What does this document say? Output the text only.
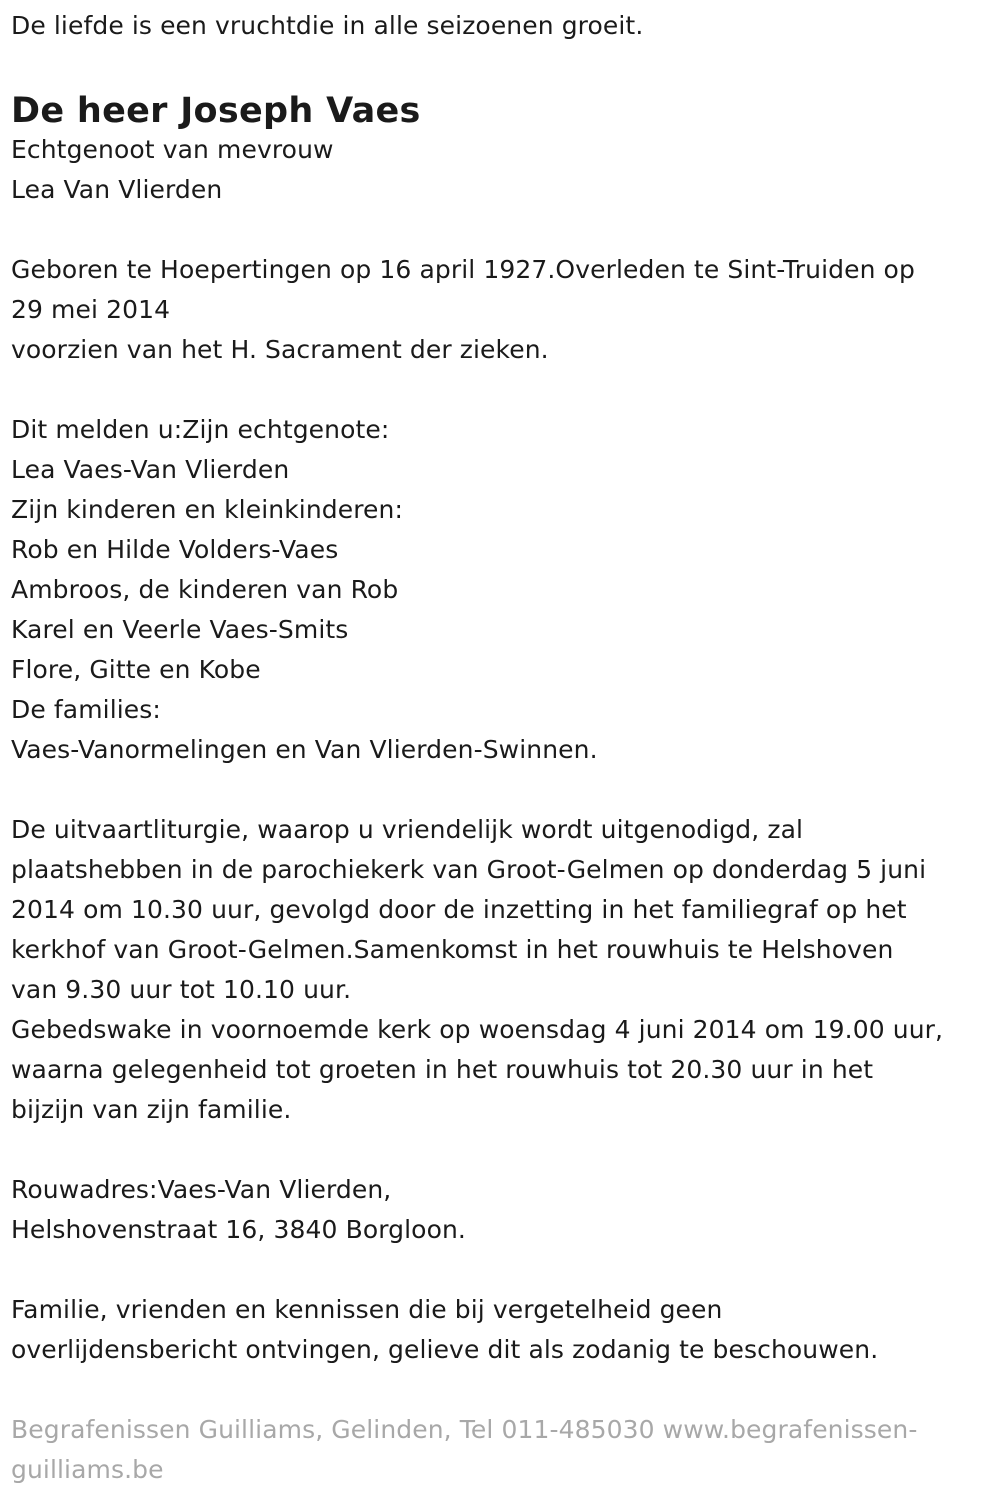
De liefde is een vruchtdie in alle seizoenen groeit.
De heer Joseph Vaes
Echtgenoot van mevrouw
Lea Van Vlierden
Geboren te Hoepertingen op 16 april 1927.Overleden te Sint-Truiden op
29 mei 2014
voorzien van het H. Sacrament der zieken.
Dit melden u:Zijn echtgenote:
Lea Vaes-Van Vlierden
Zijn kinderen en kleinkinderen:
Rob en Hilde Volders-Vaes
Ambroos, de kinderen van Rob
Karel en Veerle Vaes-Smits
Flore, Gitte en Kobe
De families:
Vaes-Vanormelingen en Van Vlierden-Swinnen.
De uitvaartliturgie, waarop u vriendelijk wordt uitgenodigd, zal
plaatshebben in de parochiekerk van Groot-Gelmen op donderdag 5 juni
2014 om 10.30 uur, gevolgd door de inzetting in het familiegraf op het
kerkhof van Groot-Gelmen.Samenkomst in het rouwhuis te Helshoven
van 9.30 uur tot 10.10 uur.
Gebedswake in voornoemde kerk op woensdag 4 juni 2014 om 19.00 uur,
waarna gelegenheid tot groeten in het rouwhuis tot 20.30 uur in het
bijzijn van zijn familie.
Rouwadres:Vaes-Van Vlierden,
Helshovenstraat 16, 3840 Borgloon.
Familie, vrienden en kennissen die bij vergetelheid geen
overlijdensbericht ontvingen, gelieve dit als zodanig te beschouwen.
Begrafenissen Guilliams, Gelinden, Tel 011-485030 www.begrafenissen-
guilliams.be
